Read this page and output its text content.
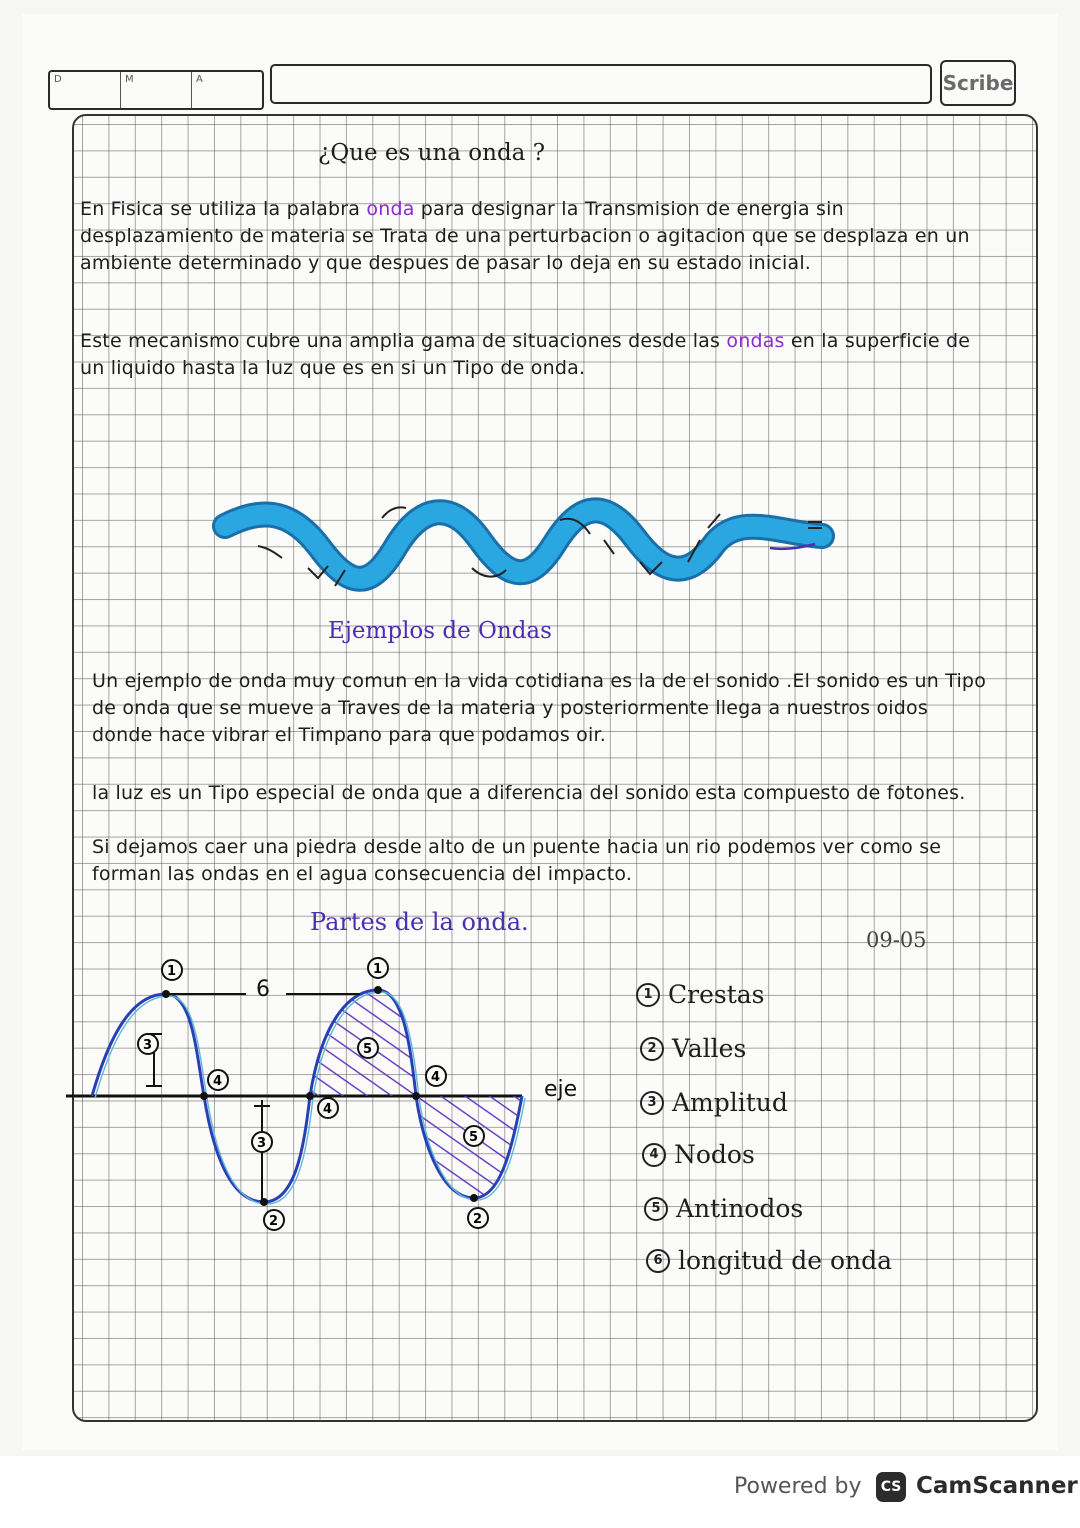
D	M	A	Scribe
¿Que es una onda ?
En Fisica se utiliza la palabra onda para designar la Transmision de energia sin desplazamiento de materia se Trata de una perturbacion o agitacion que se desplaza en un ambiente determinado y que despues de pasar lo deja en su estado inicial.
Este mecanismo cubre una amplia gama de situaciones desde las ondas en la superficie de un liquido hasta la luz que es en si un Tipo de onda.
Ejemplos de Ondas
Un ejemplo de onda muy comun en la vida cotidiana es la de el sonido .El sonido es un Tipo de onda que se mueve a Traves de la materia y posteriormente llega a nuestros oidos donde hace vibrar el Timpano para que podamos oir.
la luz es un Tipo especial de onda que a diferencia del sonido esta compuesto de fotones.
Si dejamos caer una piedra desde alto de un puente hacia un rio podemos ver como se forman las ondas en el agua consecuencia del impacto.
Partes de la onda.
09-05
6
1	1
2	2
3
3
4
4
4
5
5
eje
1 Crestas
2 Valles
3 Amplitud
4 Nodos
5 Antinodos
6 longitud de onda
Powered by	CS CamScanner
